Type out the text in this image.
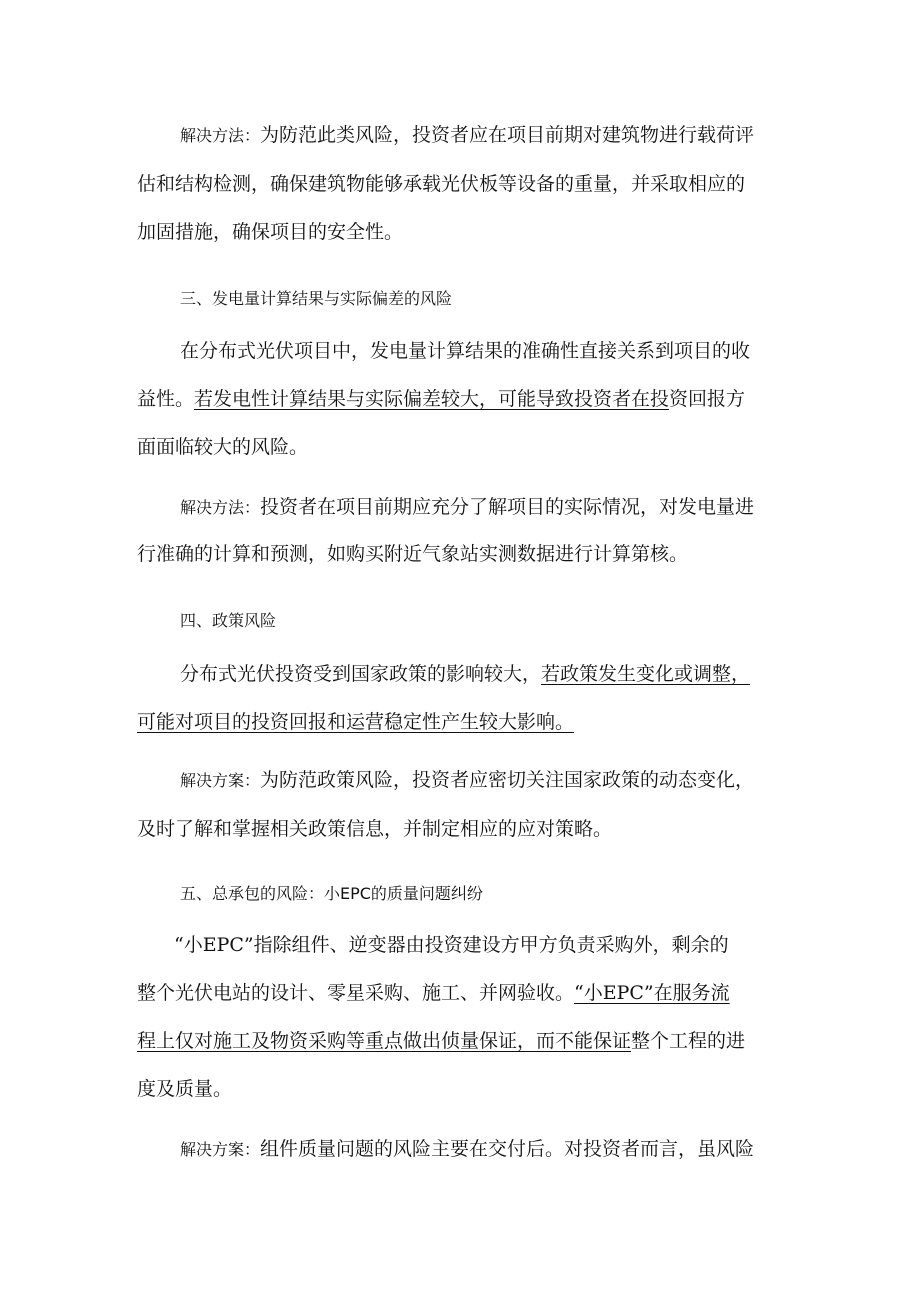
解决方法：为防范此类风险，投资者应在项目前期对建筑物进行载荷评
估和结构检测，确保建筑物能够承载光伏板等设备的重量，并采取相应的
加固措施，确保项目的安全性。
三、发电量计算结果与实际偏差的风险
在分布式光伏项目中，发电量计算结果的准确性直接关系到项目的收
益性。若发电性计算结果与实际偏差较大，可能导致投资者在投资回报方
面面临较大的风险。
解决方法：投资者在项目前期应充分了解项目的实际情况，对发电量进
行准确的计算和预测，如购买附近气象站实测数据进行计算第核。
四、政策风险
分布式光伏投资受到国家政策的影响较大，若政策发生变化或调整，
可能对项目的投资回报和运营稳定性产生较大影响。
解决方案：为防范政策风险，投资者应密切关注国家政策的动态变化，
及时了解和掌握相关政策信息，并制定相应的应对策略。
五、总承包的风险：小EPC的质量问题纠纷
“小EPC”指除组件、逆变器由投资建设方甲方负责采购外，剩余的
整个光伏电站的设计、零星采购、施工、并网验收。“小EPC”在服务流
程上仅对施工及物资采购等重点做出侦量保证，而不能保证整个工程的进
度及质量。
解决方案：组件质量问题的风险主要在交付后。对投资者而言，虽风险
